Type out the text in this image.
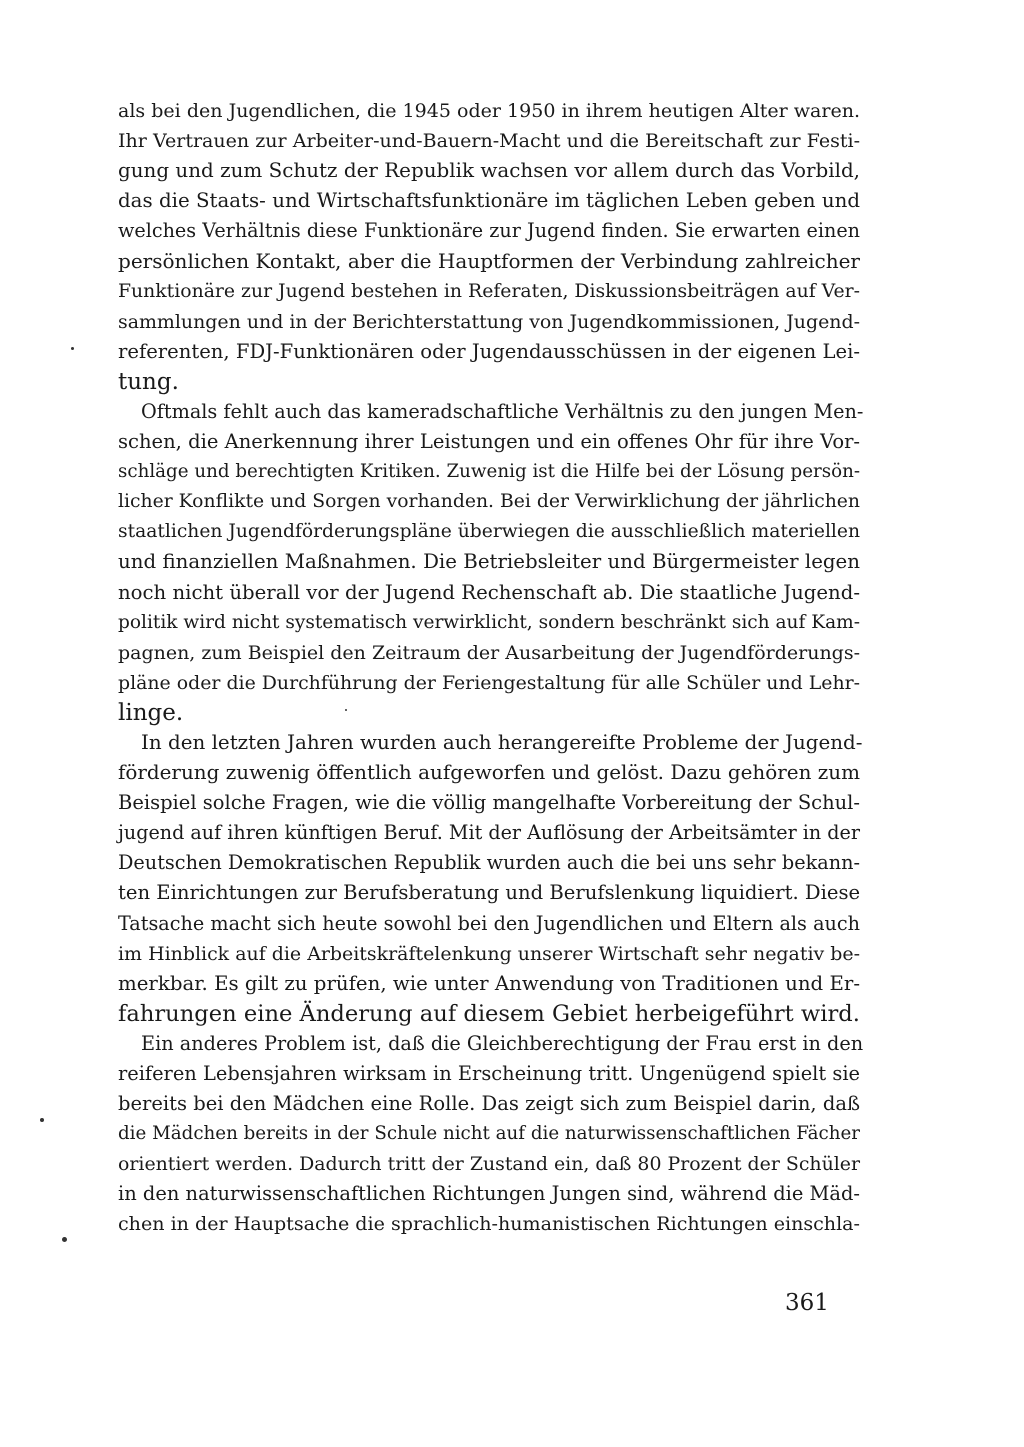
als bei den Jugendlichen, die 1945 oder 1950 in ihrem heutigen Alter waren.
Ihr Vertrauen zur Arbeiter-und-Bauern-Macht und die Bereitschaft zur Festi-
gung und zum Schutz der Republik wachsen vor allem durch das Vorbild,
das die Staats- und Wirtschaftsfunktionäre im täglichen Leben geben und
welches Verhältnis diese Funktionäre zur Jugend finden. Sie erwarten einen
persönlichen Kontakt, aber die Hauptformen der Verbindung zahlreicher
Funktionäre zur Jugend bestehen in Referaten, Diskussionsbeiträgen auf Ver-
sammlungen und in der Berichterstattung von Jugendkommissionen, Jugend-
referenten, FDJ-Funktionären oder Jugendausschüssen in der eigenen Lei-
tung.
Oftmals fehlt auch das kameradschaftliche Verhältnis zu den jungen Men-
schen, die Anerkennung ihrer Leistungen und ein offenes Ohr für ihre Vor-
schläge und berechtigten Kritiken. Zuwenig ist die Hilfe bei der Lösung persön-
licher Konflikte und Sorgen vorhanden. Bei der Verwirklichung der jährlichen
staatlichen Jugendförderungspläne überwiegen die ausschließlich materiellen
und finanziellen Maßnahmen. Die Betriebsleiter und Bürgermeister legen
noch nicht überall vor der Jugend Rechenschaft ab. Die staatliche Jugend-
politik wird nicht systematisch verwirklicht, sondern beschränkt sich auf Kam-
pagnen, zum Beispiel den Zeitraum der Ausarbeitung der Jugendförderungs-
pläne oder die Durchführung der Feriengestaltung für alle Schüler und Lehr-
linge.
In den letzten Jahren wurden auch herangereifte Probleme der Jugend-
förderung zuwenig öffentlich aufgeworfen und gelöst. Dazu gehören zum
Beispiel solche Fragen, wie die völlig mangelhafte Vorbereitung der Schul-
jugend auf ihren künftigen Beruf. Mit der Auflösung der Arbeitsämter in der
Deutschen Demokratischen Republik wurden auch die bei uns sehr bekann-
ten Einrichtungen zur Berufsberatung und Berufslenkung liquidiert. Diese
Tatsache macht sich heute sowohl bei den Jugendlichen und Eltern als auch
im Hinblick auf die Arbeitskräftelenkung unserer Wirtschaft sehr negativ be-
merkbar. Es gilt zu prüfen, wie unter Anwendung von Traditionen und Er-
fahrungen eine Änderung auf diesem Gebiet herbeigeführt wird.
Ein anderes Problem ist, daß die Gleichberechtigung der Frau erst in den
reiferen Lebensjahren wirksam in Erscheinung tritt. Ungenügend spielt sie
bereits bei den Mädchen eine Rolle. Das zeigt sich zum Beispiel darin, daß
die Mädchen bereits in der Schule nicht auf die naturwissenschaftlichen Fächer
orientiert werden. Dadurch tritt der Zustand ein, daß 80 Prozent der Schüler
in den naturwissenschaftlichen Richtungen Jungen sind, während die Mäd-
chen in der Hauptsache die sprachlich-humanistischen Richtungen einschla-
361
